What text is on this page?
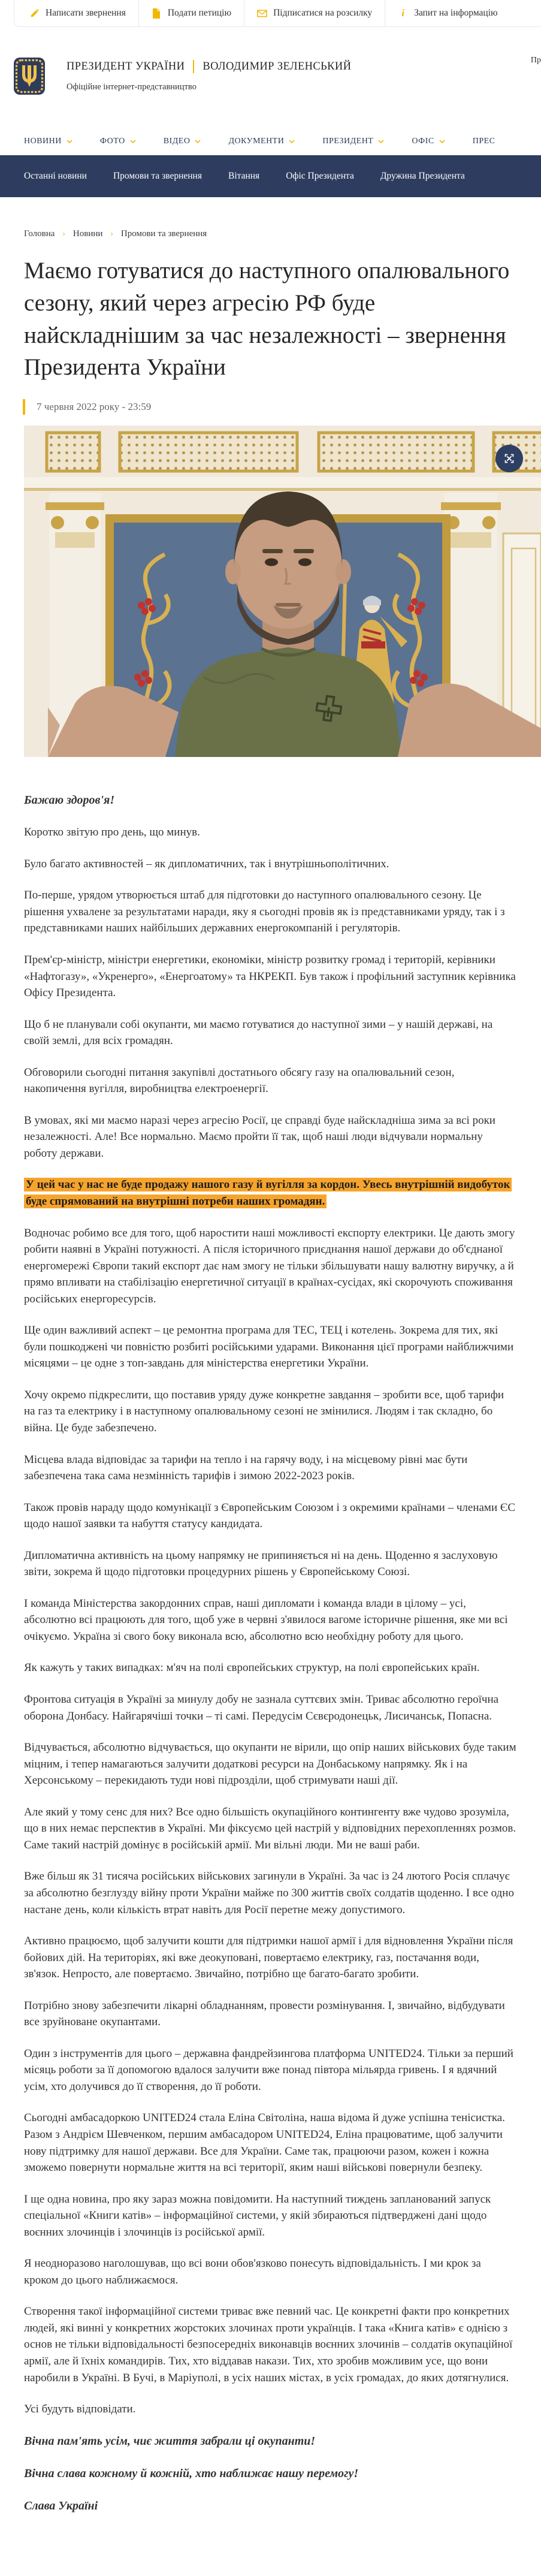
Написати звернення	Подати петицію	Підписатися на розсилку	i	Запит на інформацію
ПРЕЗИДЕНТ УКРАЇНИ ВОЛОДИМИР ЗЕЛЕНСЬКИЙ
Офіційне інтернет-представництво
Пр
НОВИНИ	ФОТО	ВІДЕО	ДОКУМЕНТИ	ПРЕЗИДЕНТ	ОФІС	ПРЕС
Останні новини	Промови та звернення	Вітання	Офіс Президента	Дружина Президента
Головна › Новини › Промови та звернення
Маємо готуватися до наступного опалювального сезону, який через агресію РФ буде найскладнішим за час незалежності – звернення Президента України
7 червня 2022 року - 23:59

Бажаю здоров'я!

Коротко звітую про день, що минув.

Було багато активностей – як дипломатичних, так і внутрішньополітичних.

По-перше, урядом утворюється штаб для підготовки до наступного опалювального сезону. Це рішення ухвалене за результатами наради, яку я сьогодні провів як із представниками уряду, так і з представниками наших найбільших державних енергокомпаній і регуляторів.

Прем'єр-міністр, міністри енергетики, економіки, міністр розвитку громад і територій, керівники «Нафтогазу», «Укренерго», «Енергоатому» та НКРЕКП. Був також і профільний заступник керівника Офісу Президента.

Що б не планували собі окупанти, ми маємо готуватися до наступної зими – у нашій державі, на своїй землі, для всіх громадян.

Обговорили сьогодні питання закупівлі достатнього обсягу газу на опалювальний сезон, накопичення вугілля, виробництва електроенергії.

В умовах, які ми маємо наразі через агресію Росії, це справді буде найскладніша зима за всі роки незалежності. Але! Все нормально. Маємо пройти її так, щоб наші люди відчували нормальну роботу держави.

У цей час у нас не буде продажу нашого газу й вугілля за кордон. Увесь внутрішній видобуток буде спрямований на внутрішні потреби наших громадян.

Водночас робимо все для того, щоб наростити наші можливості експорту електрики. Це дають змогу робити наявні в Україні потужності. А після історичного приєднання нашої держави до об'єднаної енергомережі Європи такий експорт дає нам змогу не тільки збільшувати нашу валютну виручку, а й прямо впливати на стабілізацію енергетичної ситуації в країнах-сусідах, які скорочують споживання російських енергоресурсів.

Ще один важливий аспект – це ремонтна програма для ТЕС, ТЕЦ і котелень. Зокрема для тих, які були пошкоджені чи повністю розбиті російськими ударами. Виконання цієї програми найближчими місяцями – це одне з топ-завдань для міністерства енергетики України.

Хочу окремо підкреслити, що поставив уряду дуже конкретне завдання – зробити все, щоб тарифи на газ та електрику і в наступному опалювальному сезоні не змінилися. Людям і так складно, бо війна. Це буде забезпечено.

Місцева влада відповідає за тарифи на тепло і на гарячу воду, і на місцевому рівні має бути забезпечена така сама незмінність тарифів і зимою 2022-2023 років.

Також провів нараду щодо комунікації з Європейським Союзом і з окремими країнами – членами ЄС щодо нашої заявки та набуття статусу кандидата.

Дипломатична активність на цьому напрямку не припиняється ні на день. Щоденно я заслуховую звіти, зокрема й щодо підготовки процедурних рішень у Європейському Союзі.

І команда Міністерства закордонних справ, наші дипломати і команда влади в цілому – усі, абсолютно всі працюють для того, щоб уже в червні з'явилося вагоме історичне рішення, яке ми всі очікуємо. Україна зі свого боку виконала всю, абсолютно всю необхідну роботу для цього.

Як кажуть у таких випадках: м'яч на полі європейських структур, на полі європейських країн.

Фронтова ситуація в Україні за минулу добу не зазнала суттєвих змін. Триває абсолютно героїчна оборона Донбасу. Найгарячіші точки – ті самі. Передусім Сєвєродонецьк, Лисичанськ, Попасна.

Відчувається, абсолютно відчувається, що окупанти не вірили, що опір наших військових буде таким міцним, і тепер намагаються залучити додаткові ресурси на Донбаському напрямку. Як і на Херсонському – перекидають туди нові підрозділи, щоб стримувати наші дії.

Але який у тому сенс для них? Все одно більшість окупаційного контингенту вже чудово зрозуміла, що в них немає перспектив в Україні. Ми фіксуємо цей настрій у відповідних перехопленнях розмов. Саме такий настрій домінує в російській армії. Ми вільні люди. Ми не ваші раби.

Вже більш як 31 тисяча російських військових загинули в Україні. За час із 24 лютого Росія сплачує за абсолютно безглузду війну проти України майже по 300 життів своїх солдатів щоденно. І все одно настане день, коли кількість втрат навіть для Росії перетне межу допустимого.

Активно працюємо, щоб залучити кошти для підтримки нашої армії і для відновлення України після бойових дій. На територіях, які вже деокуповані, повертаємо електрику, газ, постачання води, зв'язок. Непросто, але повертаємо. Звичайно, потрібно ще багато-багато зробити.

Потрібно знову забезпечити лікарні обладнанням, провести розмінування. І, звичайно, відбудувати все зруйноване окупантами.

Один з інструментів для цього – державна фандрейзингова платформа UNITED24. Тільки за перший місяць роботи за її допомогою вдалося залучити вже понад півтора мільярда гривень. І я вдячний усім, хто долучився до її створення, до її роботи.

Сьогодні амбасадоркою UNITED24 стала Еліна Світоліна, наша відома й дуже успішна тенісистка. Разом з Андрієм Шевченком, першим амбасадором UNITED24, Еліна працюватиме, щоб залучити нову підтримку для нашої держави. Все для України. Саме так, працюючи разом, кожен і кожна зможемо повернути нормальне життя на всі території, яким наші військові повернули безпеку.

І ще одна новина, про яку зараз можна повідомити. На наступний тиждень запланований запуск спеціальної «Книги катів» – інформаційної системи, у якій збираються підтверджені дані щодо воєнних злочинців і злочинців із російської армії.

Я неодноразово наголошував, що всі вони обов'язково понесуть відповідальність. І ми крок за кроком до цього наближаємося.

Створення такої інформаційної системи триває вже певний час. Це конкретні факти про конкретних людей, які винні у конкретних жорстоких злочинах проти українців. І така «Книга катів» є однією з основ не тільки відповідальності безпосередніх виконавців воєнних злочинів – солдатів окупаційної армії, але й їхніх командирів. Тих, хто віддавав накази. Тих, хто зробив можливим усе, що вони наробили в Україні. В Бучі, в Маріуполі, в усіх наших містах, в усіх громадах, до яких дотягнулися.

Усі будуть відповідати.

Вічна пам'ять усім, чиє життя забрали ці окупанти!

Вічна слава кожному й кожній, хто наближає нашу перемогу!

Слава Україні
